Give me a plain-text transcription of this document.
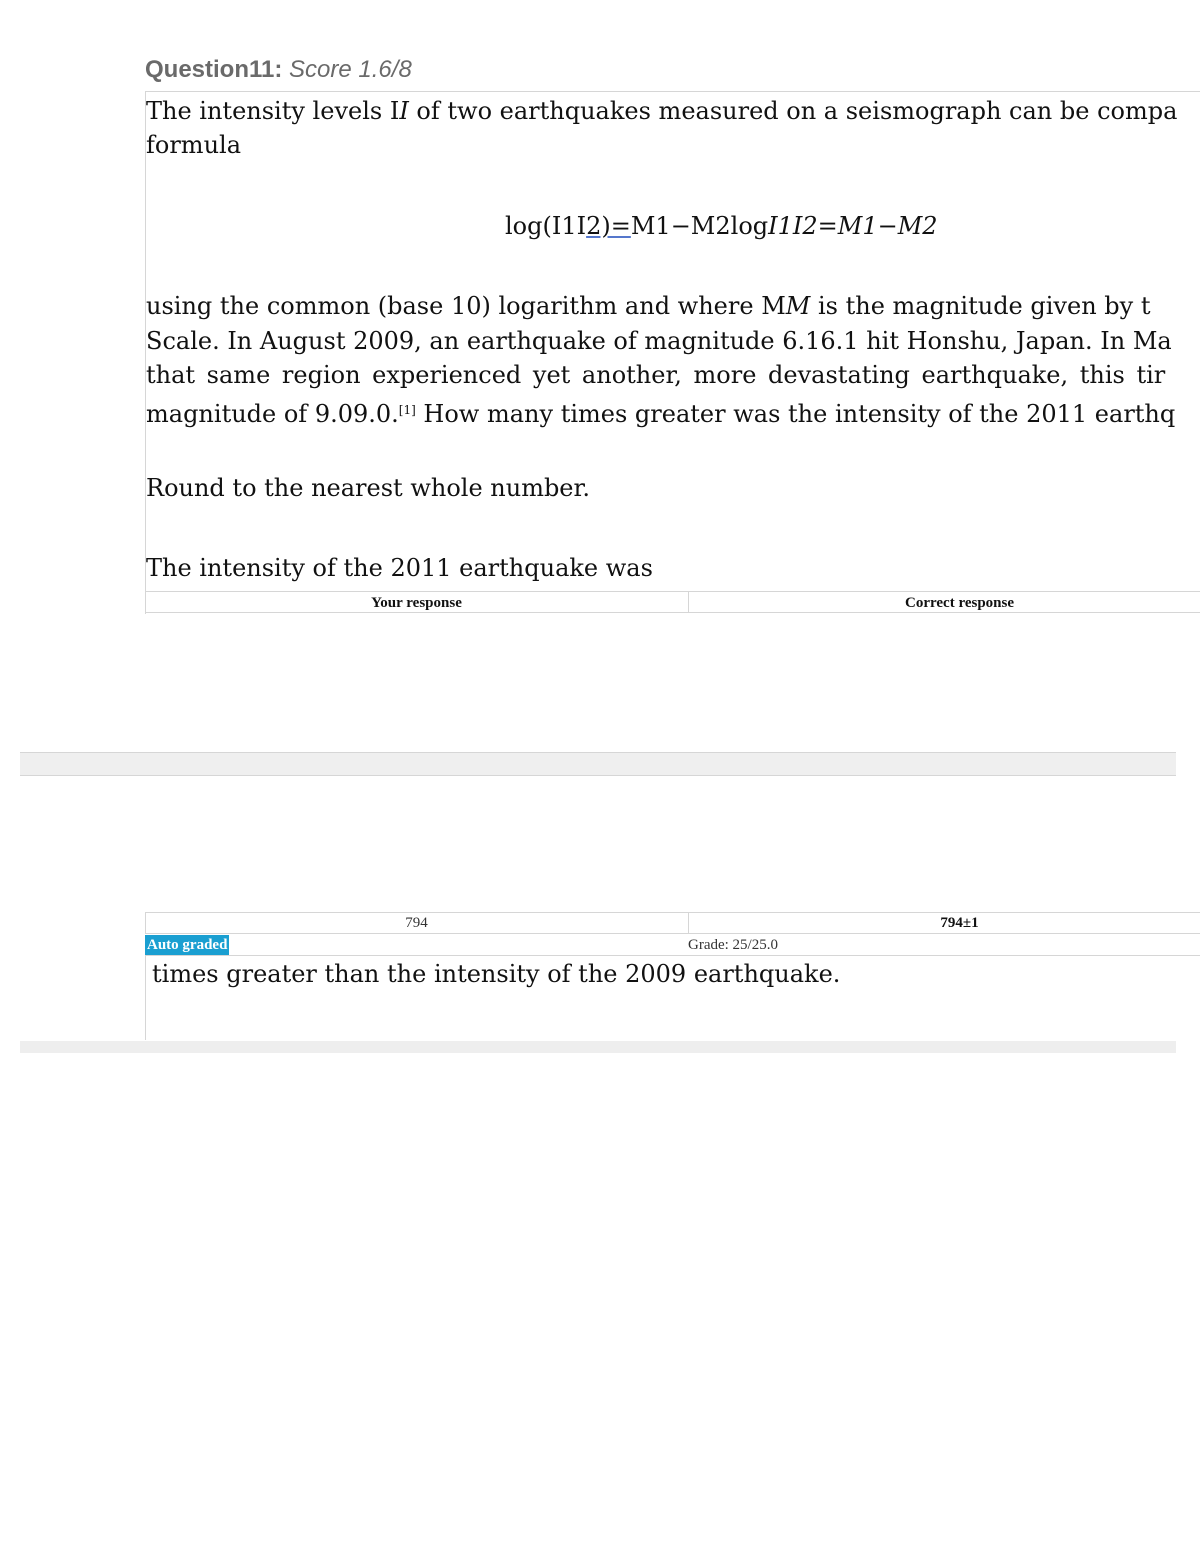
Question11: Score 1.6/8
The intensity levels II of two earthquakes measured on a seismograph can be compa
formula
log(I1I2)=M1−M2logI1I2=M1−M2
using the common (base 10) logarithm and where MM is the magnitude given by t
Scale. In August 2009, an earthquake of magnitude 6.16.1 hit Honshu, Japan. In Ma
that same region experienced yet another, more devastating earthquake, this tir
magnitude of 9.09.0.[1] How many times greater was the intensity of the 2011 earthq
Round to the nearest whole number.
The intensity of the 2011 earthquake was
Your response	Correct response
794	794±1
Auto graded	Grade: 25/25.0
times greater than the intensity of the 2009 earthquake.
